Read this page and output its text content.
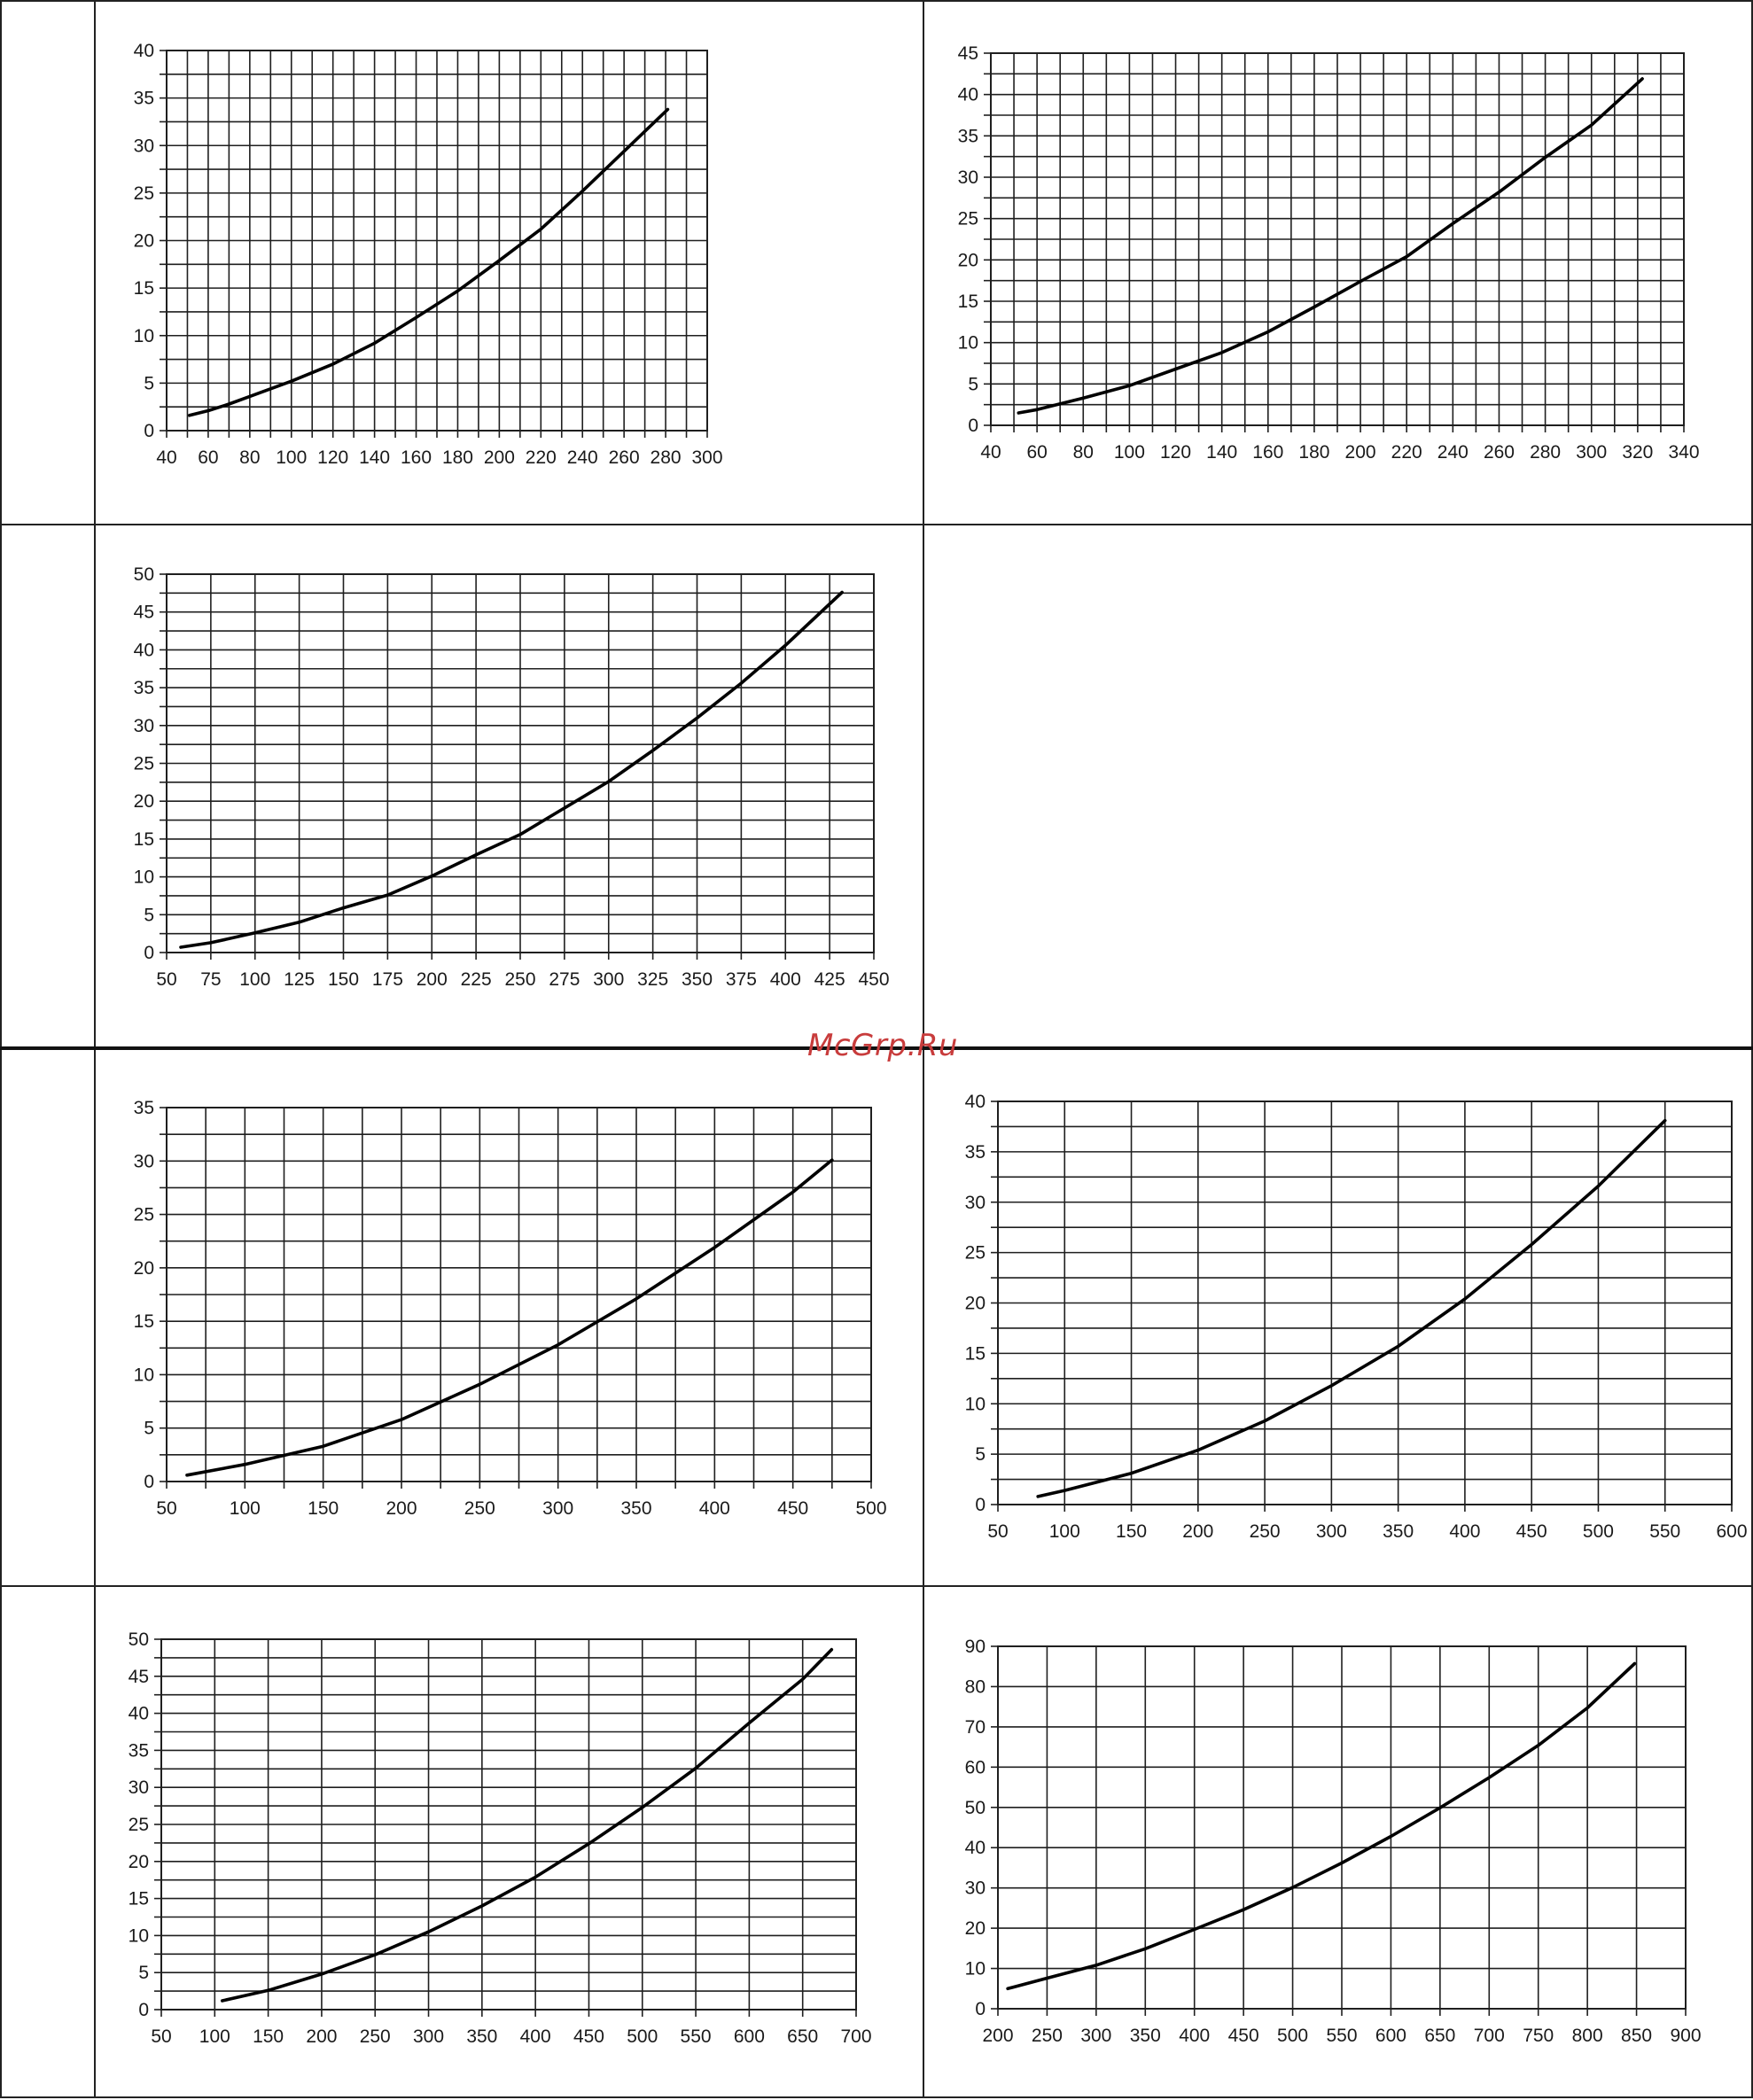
0
5
10
15
20
25
30
35
40
40 60 80 100 120 140 160 180 200 220 240 260 280 300
0
5
10
15
20
25
30
35
40
45
40 60 80 100 120 140 160 180 200 220 240 260 280 300 320 340
0
5
10
15
20
25
30
35
40
45
50
50 75 100 125 150 175 200 225 250 275 300 325 350 375 400 425 450
0
5
10
15
20
25
30
35
50	100	150	200	250	300	350	400	450	500	0
5
10
15
20
25
30
35
40
50 100 150 200 250 300 350 400 450 500 550 600
0
5
10
15
20
25
30
35
40
45
50
50 100 150 200 250 300 350 400 450 500 550 600 650 700
0
10
20
30
40
50
60
70
80
90
200 250 300 350 400 450 500 550 600 650 700 750 800 850 900
McGrp.Ru
